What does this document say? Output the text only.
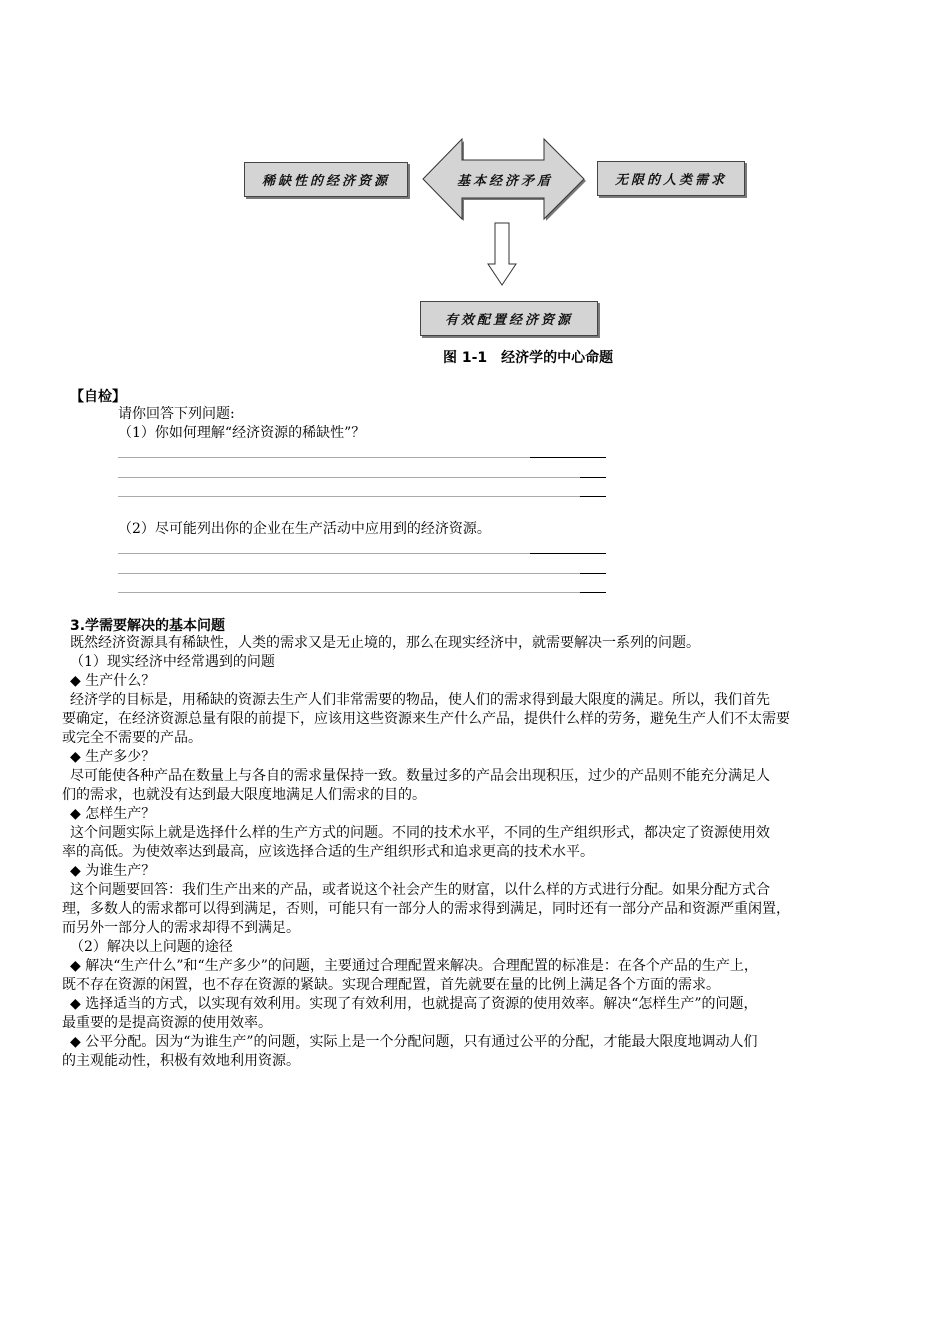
稀缺性的经济资源	基本经济矛盾	无限的人类需求
有效配置经济资源
图 1-1　经济学的中心命题
【自检】
请你回答下列问题:
（1）你如何理解“经济资源的稀缺性”？
（2）尽可能列出你的企业在生产活动中应用到的经济资源。
3.学需要解决的基本问题
既然经济资源具有稀缺性，人类的需求又是无止境的，那么在现实经济中，就需要解决一系列的问题。
（1）现实经济中经常遇到的问题
◆ 生产什么？
经济学的目标是，用稀缺的资源去生产人们非常需要的物品，使人们的需求得到最大限度的满足。所以，我们首先
要确定，在经济资源总量有限的前提下，应该用这些资源来生产什么产品，提供什么样的劳务，避免生产人们不太需要
或完全不需要的产品。
◆ 生产多少？
尽可能使各种产品在数量上与各自的需求量保持一致。数量过多的产品会出现积压，过少的产品则不能充分满足人
们的需求，也就没有达到最大限度地满足人们需求的目的。
◆ 怎样生产？
这个问题实际上就是选择什么样的生产方式的问题。不同的技术水平，不同的生产组织形式，都决定了资源使用效
率的高低。为使效率达到最高，应该选择合适的生产组织形式和追求更高的技术水平。
◆ 为谁生产？
这个问题要回答：我们生产出来的产品，或者说这个社会产生的财富，以什么样的方式进行分配。如果分配方式合
理，多数人的需求都可以得到满足，否则，可能只有一部分人的需求得到满足，同时还有一部分产品和资源严重闲置，
而另外一部分人的需求却得不到满足。
（2）解决以上问题的途径
◆ 解决“生产什么”和“生产多少”的问题，主要通过合理配置来解决。合理配置的标准是：在各个产品的生产上，
既不存在资源的闲置，也不存在资源的紧缺。实现合理配置，首先就要在量的比例上满足各个方面的需求。
◆ 选择适当的方式，以实现有效利用。实现了有效利用，也就提高了资源的使用效率。解决“怎样生产”的问题，
最重要的是提高资源的使用效率。
◆ 公平分配。因为“为谁生产”的问题，实际上是一个分配问题，只有通过公平的分配，才能最大限度地调动人们
的主观能动性，积极有效地利用资源。
